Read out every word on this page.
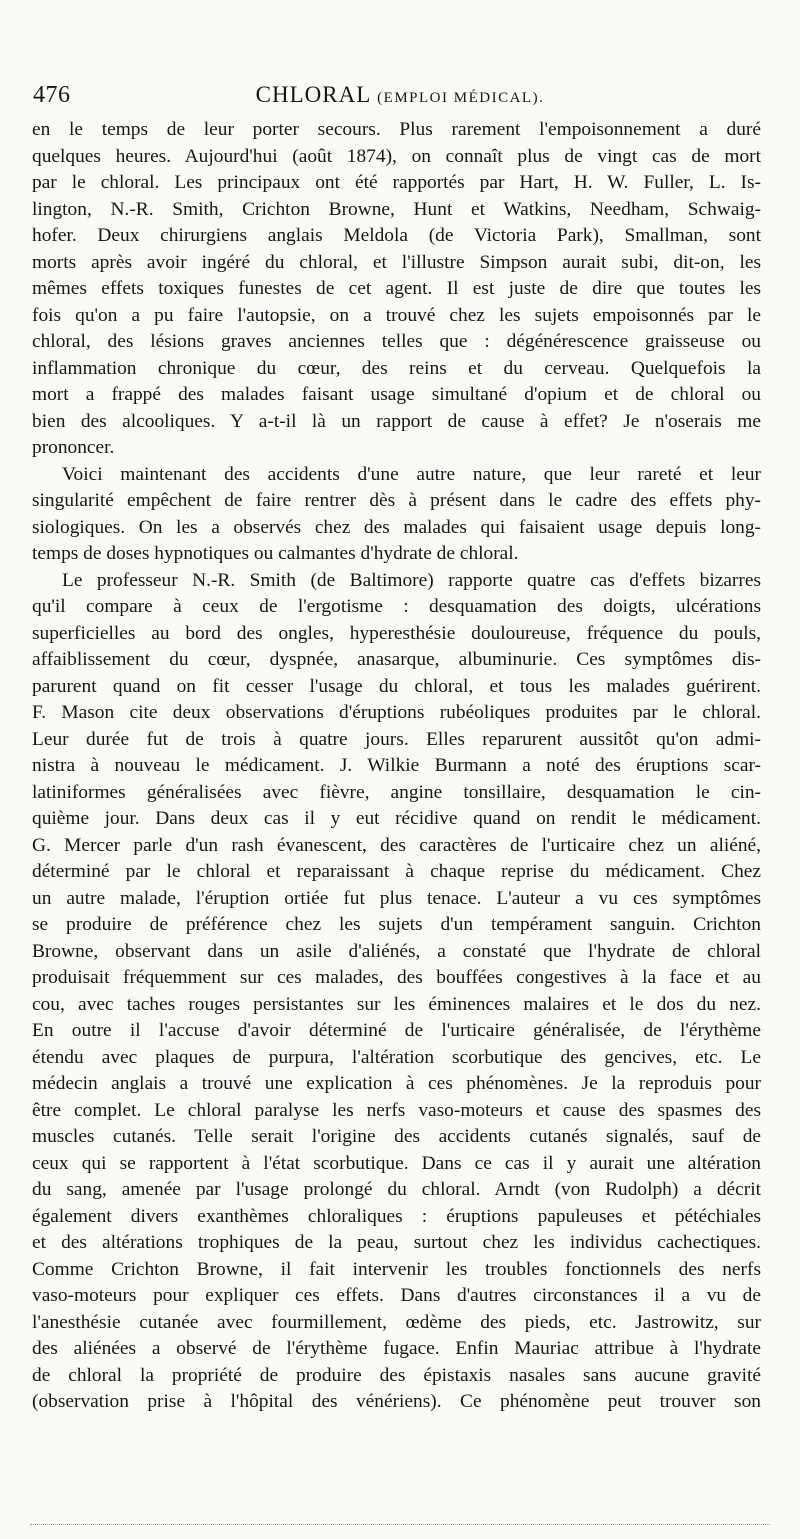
476	CHLORAL (EMPLOI MÉDICAL).

en le temps de leur porter secours. Plus rarement l'empoisonnement a duré
quelques heures. Aujourd'hui (août 1874), on connaît plus de vingt cas de mort
par le chloral. Les principaux ont été rapportés par Hart, H. W. Fuller, L. Is-
lington, N.-R. Smith, Crichton Browne, Hunt et Watkins, Needham, Schwaig-
hofer. Deux chirurgiens anglais Meldola (de Victoria Park), Smallman, sont
morts après avoir ingéré du chloral, et l'illustre Simpson aurait subi, dit-on, les
mêmes effets toxiques funestes de cet agent. Il est juste de dire que toutes les
fois qu'on a pu faire l'autopsie, on a trouvé chez les sujets empoisonnés par le
chloral, des lésions graves anciennes telles que : dégénérescence graisseuse ou
inflammation chronique du cœur, des reins et du cerveau. Quelquefois la
mort a frappé des malades faisant usage simultané d'opium et de chloral ou
bien des alcooliques. Y a-t-il là un rapport de cause à effet? Je n'oserais me
prononcer.

Voici maintenant des accidents d'une autre nature, que leur rareté et leur
singularité empêchent de faire rentrer dès à présent dans le cadre des effets phy-
siologiques. On les a observés chez des malades qui faisaient usage depuis long-
temps de doses hypnotiques ou calmantes d'hydrate de chloral.

Le professeur N.-R. Smith (de Baltimore) rapporte quatre cas d'effets bizarres
qu'il compare à ceux de l'ergotisme : desquamation des doigts, ulcérations
superficielles au bord des ongles, hyperesthésie douloureuse, fréquence du pouls,
affaiblissement du cœur, dyspnée, anasarque, albuminurie. Ces symptômes dis-
parurent quand on fit cesser l'usage du chloral, et tous les malades guérirent.
F. Mason cite deux observations d'éruptions rubéoliques produites par le chloral.
Leur durée fut de trois à quatre jours. Elles reparurent aussitôt qu'on admi-
nistra à nouveau le médicament. J. Wilkie Burmann a noté des éruptions scar-
latiniformes généralisées avec fièvre, angine tonsillaire, desquamation le cin-
quième jour. Dans deux cas il y eut récidive quand on rendit le médicament.
G. Mercer parle d'un rash évanescent, des caractères de l'urticaire chez un aliéné,
déterminé par le chloral et reparaissant à chaque reprise du médicament. Chez
un autre malade, l'éruption ortiée fut plus tenace. L'auteur a vu ces symptômes
se produire de préférence chez les sujets d'un tempérament sanguin. Crichton
Browne, observant dans un asile d'aliénés, a constaté que l'hydrate de chloral
produisait fréquemment sur ces malades, des bouffées congestives à la face et au
cou, avec taches rouges persistantes sur les éminences malaires et le dos du nez.
En outre il l'accuse d'avoir déterminé de l'urticaire généralisée, de l'érythème
étendu avec plaques de purpura, l'altération scorbutique des gencives, etc. Le
médecin anglais a trouvé une explication à ces phénomènes. Je la reproduis pour
être complet. Le chloral paralyse les nerfs vaso-moteurs et cause des spasmes des
muscles cutanés. Telle serait l'origine des accidents cutanés signalés, sauf de
ceux qui se rapportent à l'état scorbutique. Dans ce cas il y aurait une altération
du sang, amenée par l'usage prolongé du chloral. Arndt (von Rudolph) a décrit
également divers exanthèmes chloraliques : éruptions papuleuses et pétéchiales
et des altérations trophiques de la peau, surtout chez les individus cachectiques.
Comme Crichton Browne, il fait intervenir les troubles fonctionnels des nerfs
vaso-moteurs pour expliquer ces effets. Dans d'autres circonstances il a vu de
l'anesthésie cutanée avec fourmillement, œdème des pieds, etc. Jastrowitz, sur
des aliénées a observé de l'érythème fugace. Enfin Mauriac attribue à l'hydrate
de chloral la propriété de produire des épistaxis nasales sans aucune gravité
(observation prise à l'hôpital des vénériens). Ce phénomène peut trouver son
